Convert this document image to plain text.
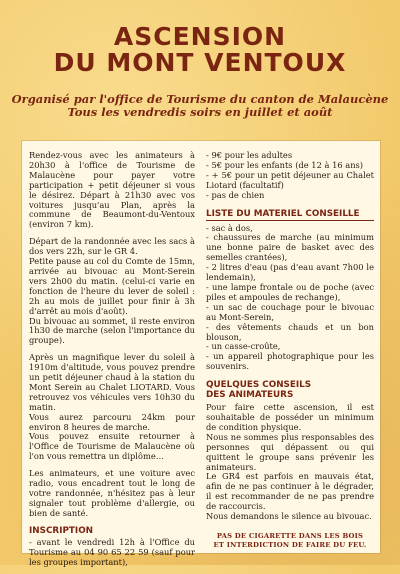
ASCENSION
DU MONT VENTOUX
Organisé par l'office de Tourisme du canton de Malaucène
Tous les vendredis soirs en juillet et août

Rendez-vous avec les animateurs à 20h30 à l'office de Tourisme de Malaucène pour payer votre participation + petit déjeuner si vous le désirez. Départ à 21h30 avec vos voitures jusqu'au Plan, après la commune de Beaumont-du-Ventoux (environ 7 km).

Départ de la randonnée avec les sacs à dos vers 22h, sur le GR 4.

Petite pause au col du Comte de 15mn, arrivée au bivouac au Mont-Serein vers 2h00 du matin. (celui-ci varie en fonction de l'heure du lever de soleil : 2h au mois de juillet pour finir à 3h d'arrêt au mois d'août).

Du bivouac au sommet, il reste environ 1h30 de marche (selon l'importance du groupe).

Après un magnifique lever du soleil à 1910m d'altitude, vous pouvez prendre un petit déjeuner chaud à la station du Mont Serein au Chalet LIOTARD. Vous retrouvez vos véhicules vers 10h30 du matin.

Vous aurez parcouru 24km pour environ 8 heures de marche.

Vous pouvez ensuite retourner à l'Office de Tourisme de Malaucène où l'on vous remettra un diplôme…

Les animateurs, et une voiture avec radio, vous encadrent tout le long de votre randonnée, n'hésitez pas à leur signaler tout problème d'allergie, ou bien de santé.

INSCRIPTION

- avant le vendredi 12h à l'Office du Tourisme au 04 90 65 22 59 (sauf pour les groupes important),

- 9€ pour les adultes
- 5€ pour les enfants (de 12 à 16 ans)
- + 5€ pour un petit déjeuner au Chalet Liotard (facultatif)
- pas de chien
LISTE DU MATERIEL CONSEILLE
- sac à dos,
- chaussures de marche (au minimum une bonne paire de basket avec des semelles crantées),
- 2 litres d'eau (pas d'eau avant 7h00 le lendemain),
- une lampe frontale ou de poche (avec piles et ampoules de rechange),
- un sac de couchage pour le bivouac au Mont-Serein,
- des vêtements chauds et un bon blouson,
- un casse-croûte,
- un appareil photographique pour les souvenirs.
QUELQUES CONSEILS
DES ANIMATEURS

Pour faire cette ascension, il est souhaitable de posséder un minimum de condition physique.

Nous ne sommes plus responsables des personnes qui dépassent ou qui quittent le groupe sans prévenir les animateurs.

Le GR4 est parfois en mauvais état, afin de ne pas continuer à le dégrader, il est recommander de ne pas prendre de raccourcis.

Nous demandons le silence au bivouac.

PAS DE CIGARETTE DANS LES BOIS
ET INTERDICTION DE FAIRE DU FEU.
